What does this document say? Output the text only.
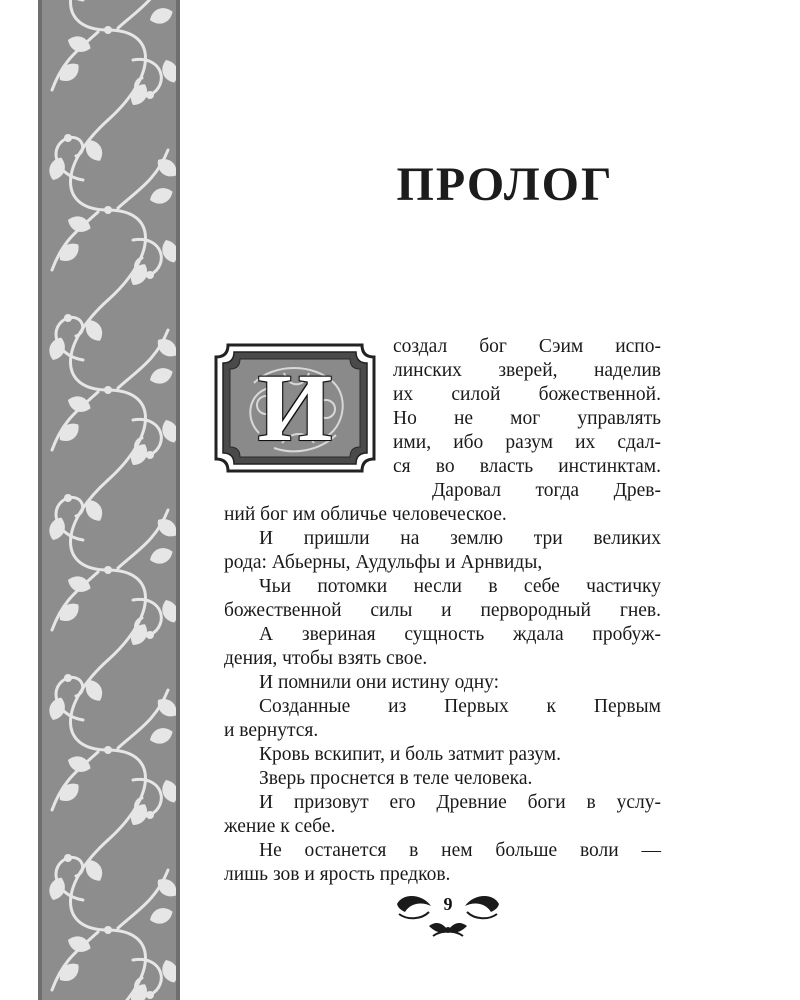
ПРОЛОГ
И
создал бог Сэим испо-
линских зверей, наделив
их силой божественной.
Но не мог управлять
ими, ибо разум их сдал-
ся во власть инстинктам.
Даровал тогда Древ-
ний бог им обличье человеческое.
И пришли на землю три великих
рода: Абьерны, Аудульфы и Арнвиды,
Чьи потомки несли в себе частичку
божественной силы и первородный гнев.
А звериная сущность ждала пробуж-
дения, чтобы взять свое.
И помнили они истину одну:
Созданные из Первых к Первым
и вернутся.
Кровь вскипит, и боль затмит разум.
Зверь проснется в теле человека.
И призовут его Древние боги в услу-
жение к себе.
Не останется в нем больше воли —
лишь зов и ярость предков.
9
